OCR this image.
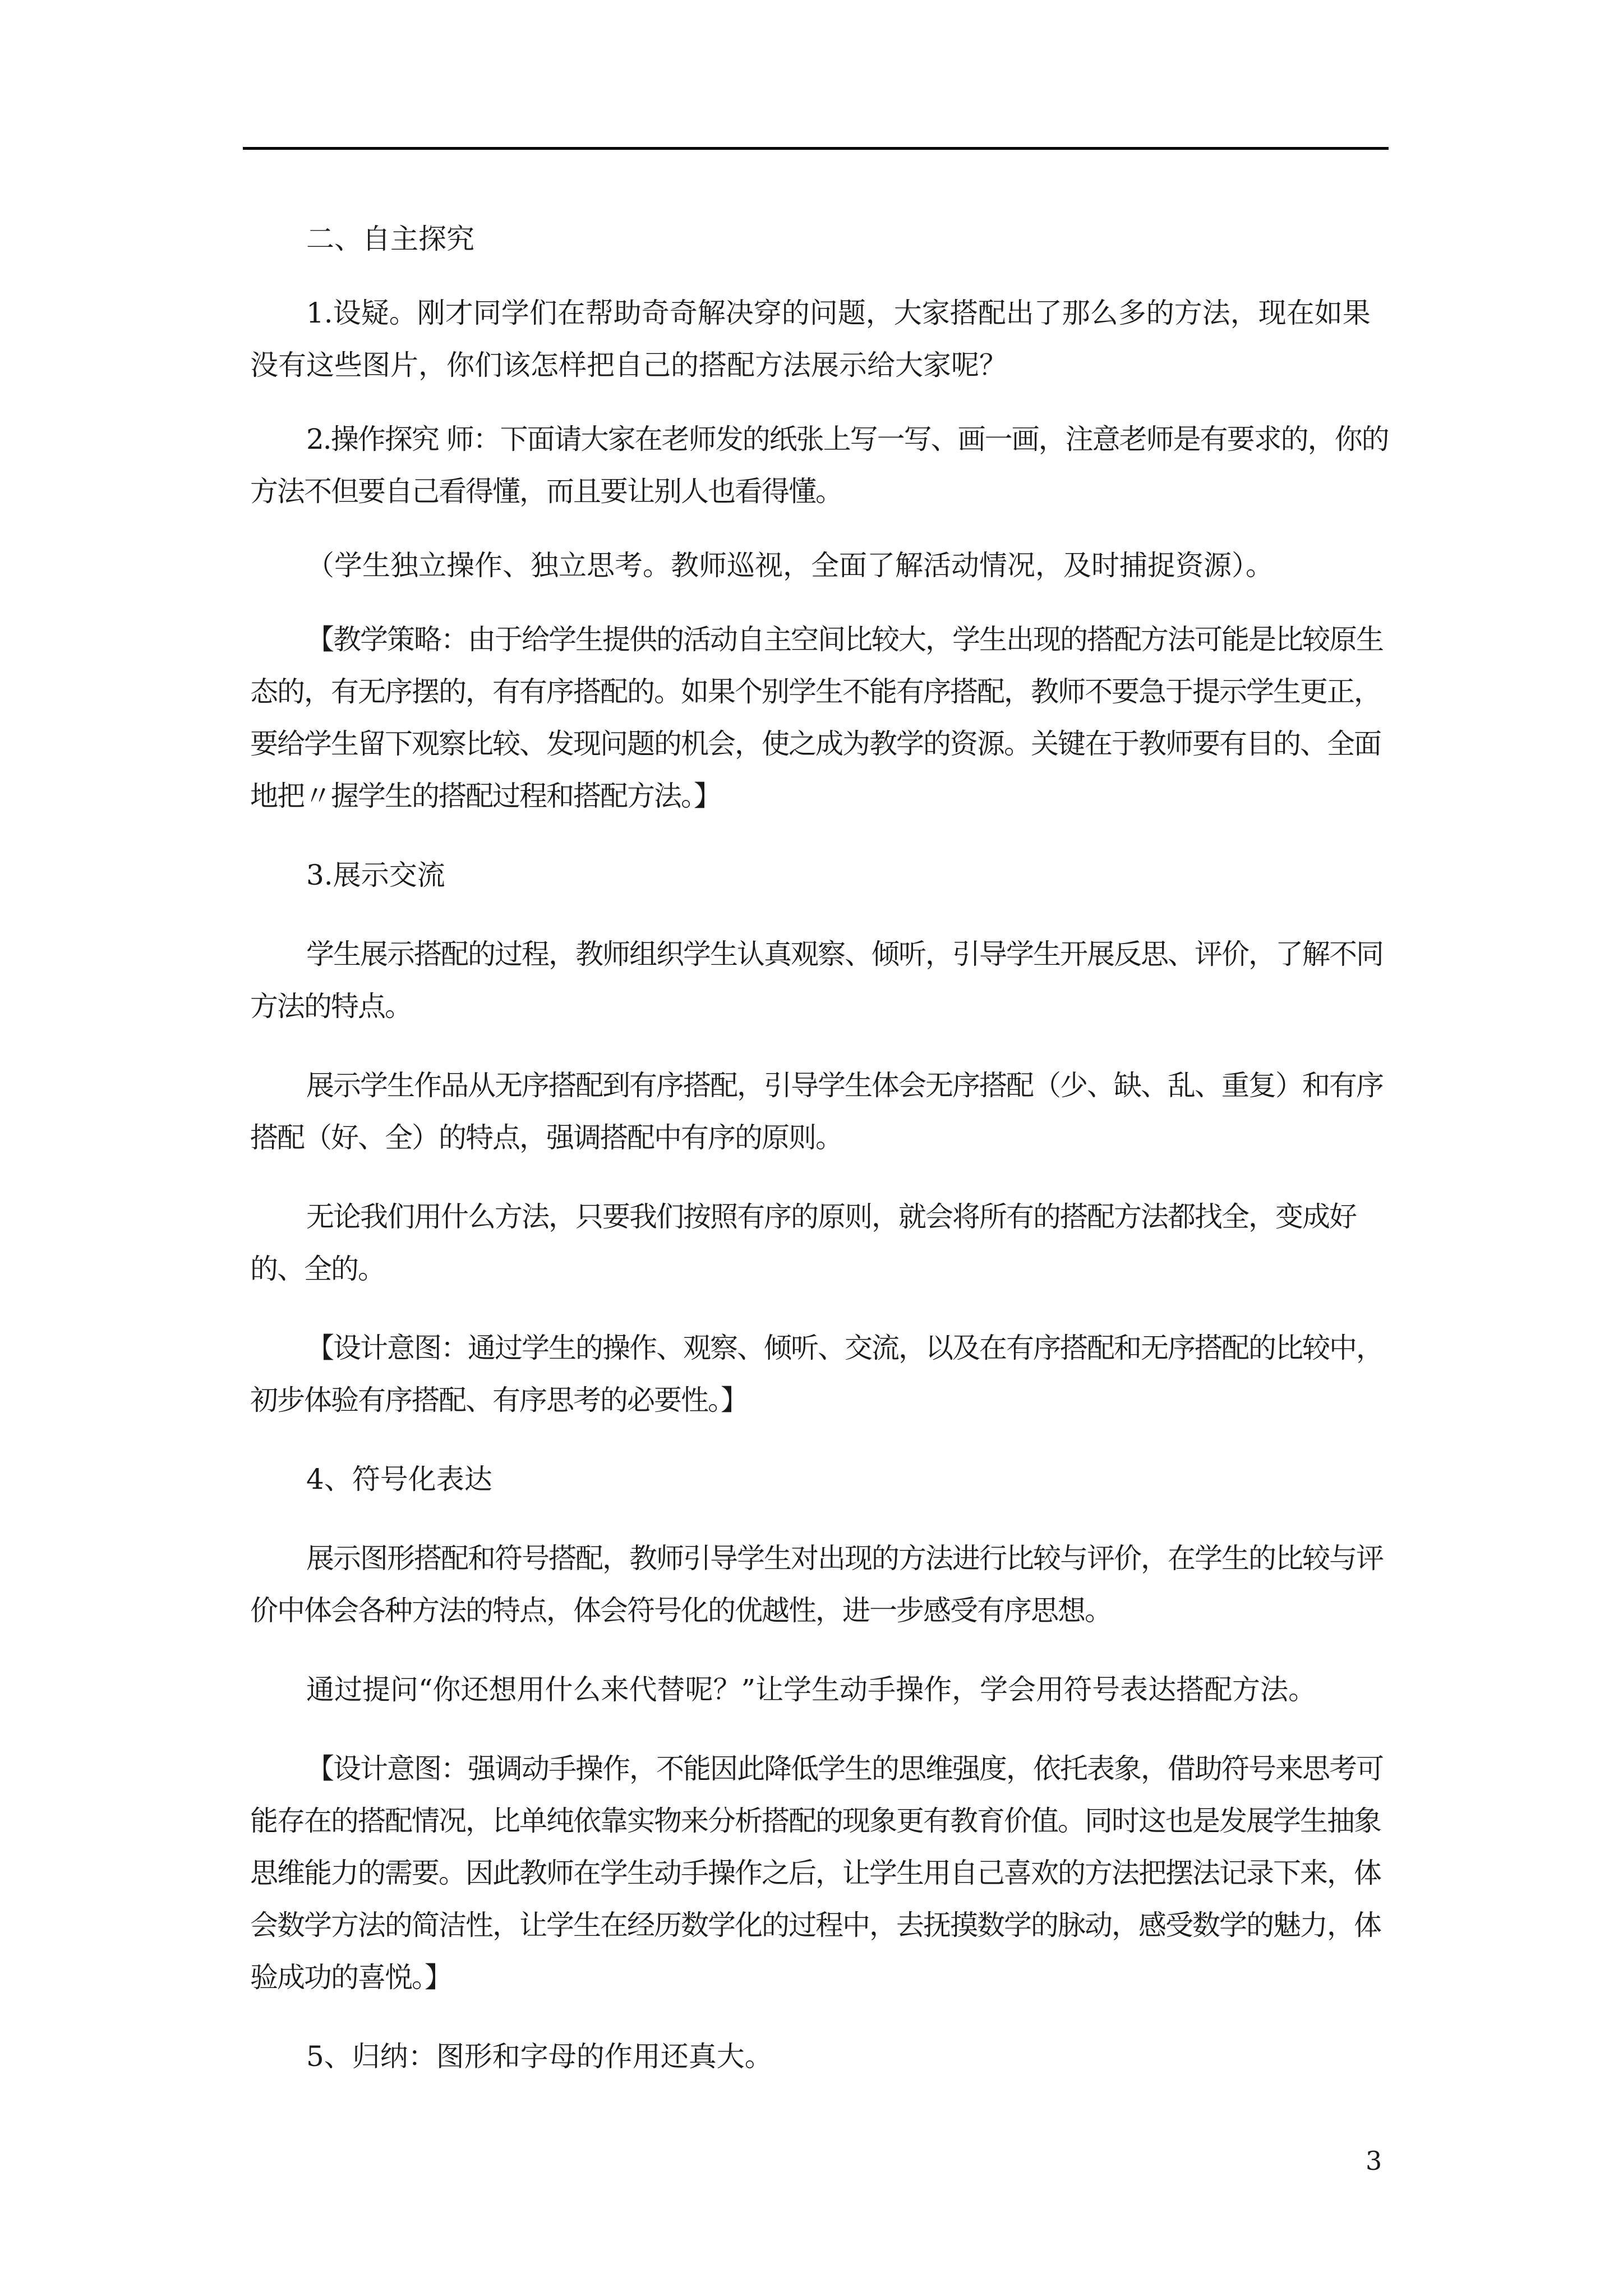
二、自主探究

1.设疑。刚才同学们在帮助奇奇解决穿的问题，大家搭配出了那么多的方法，现在如果没有这些图片，你们该怎样把自己的搭配方法展示给大家呢？

2.操作探究 师：下面请大家在老师发的纸张上写一写、画一画，注意老师是有要求的，你的方法不但要自己看得懂，而且要让别人也看得懂。

（学生独立操作、独立思考。教师巡视，全面了解活动情况，及时捕捉资源）。

【教学策略：由于给学生提供的活动自主空间比较大，学生出现的搭配方法可能是比较原生态的，有无序摆的，有有序搭配的。如果个别学生不能有序搭配，教师不要急于提示学生更正，要给学生留下观察比较、发现问题的机会，使之成为教学的资源。关键在于教师要有目的、全面地把〃握学生的搭配过程和搭配方法。】

3.展示交流

学生展示搭配的过程，教师组织学生认真观察、倾听，引导学生开展反思、评价，了解不同方法的特点。

展示学生作品从无序搭配到有序搭配，引导学生体会无序搭配（少、缺、乱、重复）和有序搭配（好、全）的特点，强调搭配中有序的原则。

无论我们用什么方法，只要我们按照有序的原则，就会将所有的搭配方法都找全，变成好的、全的。

【设计意图：通过学生的操作、观察、倾听、交流，以及在有序搭配和无序搭配的比较中，初步体验有序搭配、有序思考的必要性。】

4、符号化表达

展示图形搭配和符号搭配，教师引导学生对出现的方法进行比较与评价，在学生的比较与评价中体会各种方法的特点，体会符号化的优越性，进一步感受有序思想。

通过提问“你还想用什么来代替呢？”让学生动手操作，学会用符号表达搭配方法。

【设计意图：强调动手操作，不能因此降低学生的思维强度，依托表象，借助符号来思考可能存在的搭配情况，比单纯依靠实物来分析搭配的现象更有教育价值。同时这也是发展学生抽象思维能力的需要。因此教师在学生动手操作之后，让学生用自己喜欢的方法把摆法记录下来，体会数学方法的简洁性，让学生在经历数学化的过程中，去抚摸数学的脉动，感受数学的魅力，体验成功的喜悦。】

5、归纳：图形和字母的作用还真大。

3
